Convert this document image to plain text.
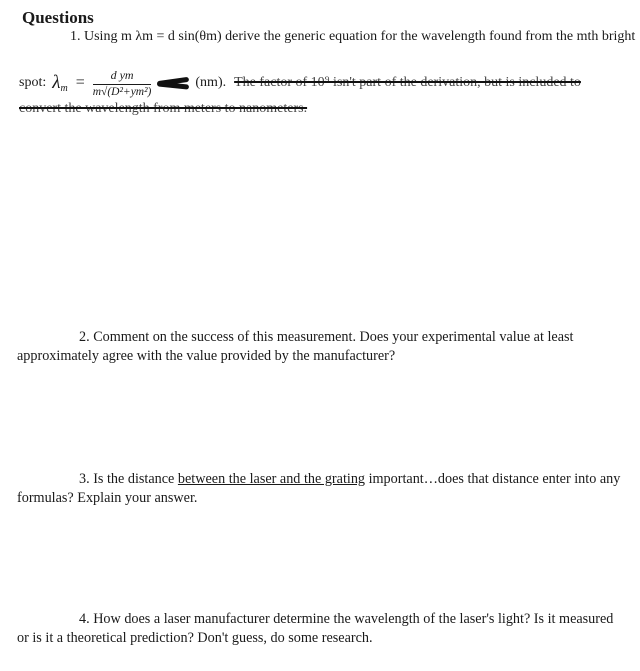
Questions
1. Using m λm = d sin(θm) derive the generic equation for the wavelength found from the mth bright
spot: $\lambda_m = \frac{\text{d ym}}{\text{m√(D²+ym²)}}$	(nm). The factor of 10⁹ isn't part of the derivation, but is included to
convert the wavelength from meters to nanometers.
2. Comment on the success of this measurement. Does your experimental value at least approximately agree with the value provided by the manufacturer?
3. Is the distance between the laser and the grating important…does that distance enter into any formulas? Explain your answer.
4. How does a laser manufacturer determine the wavelength of the laser's light? Is it measured or is it a theoretical prediction? Don't guess, do some research.
